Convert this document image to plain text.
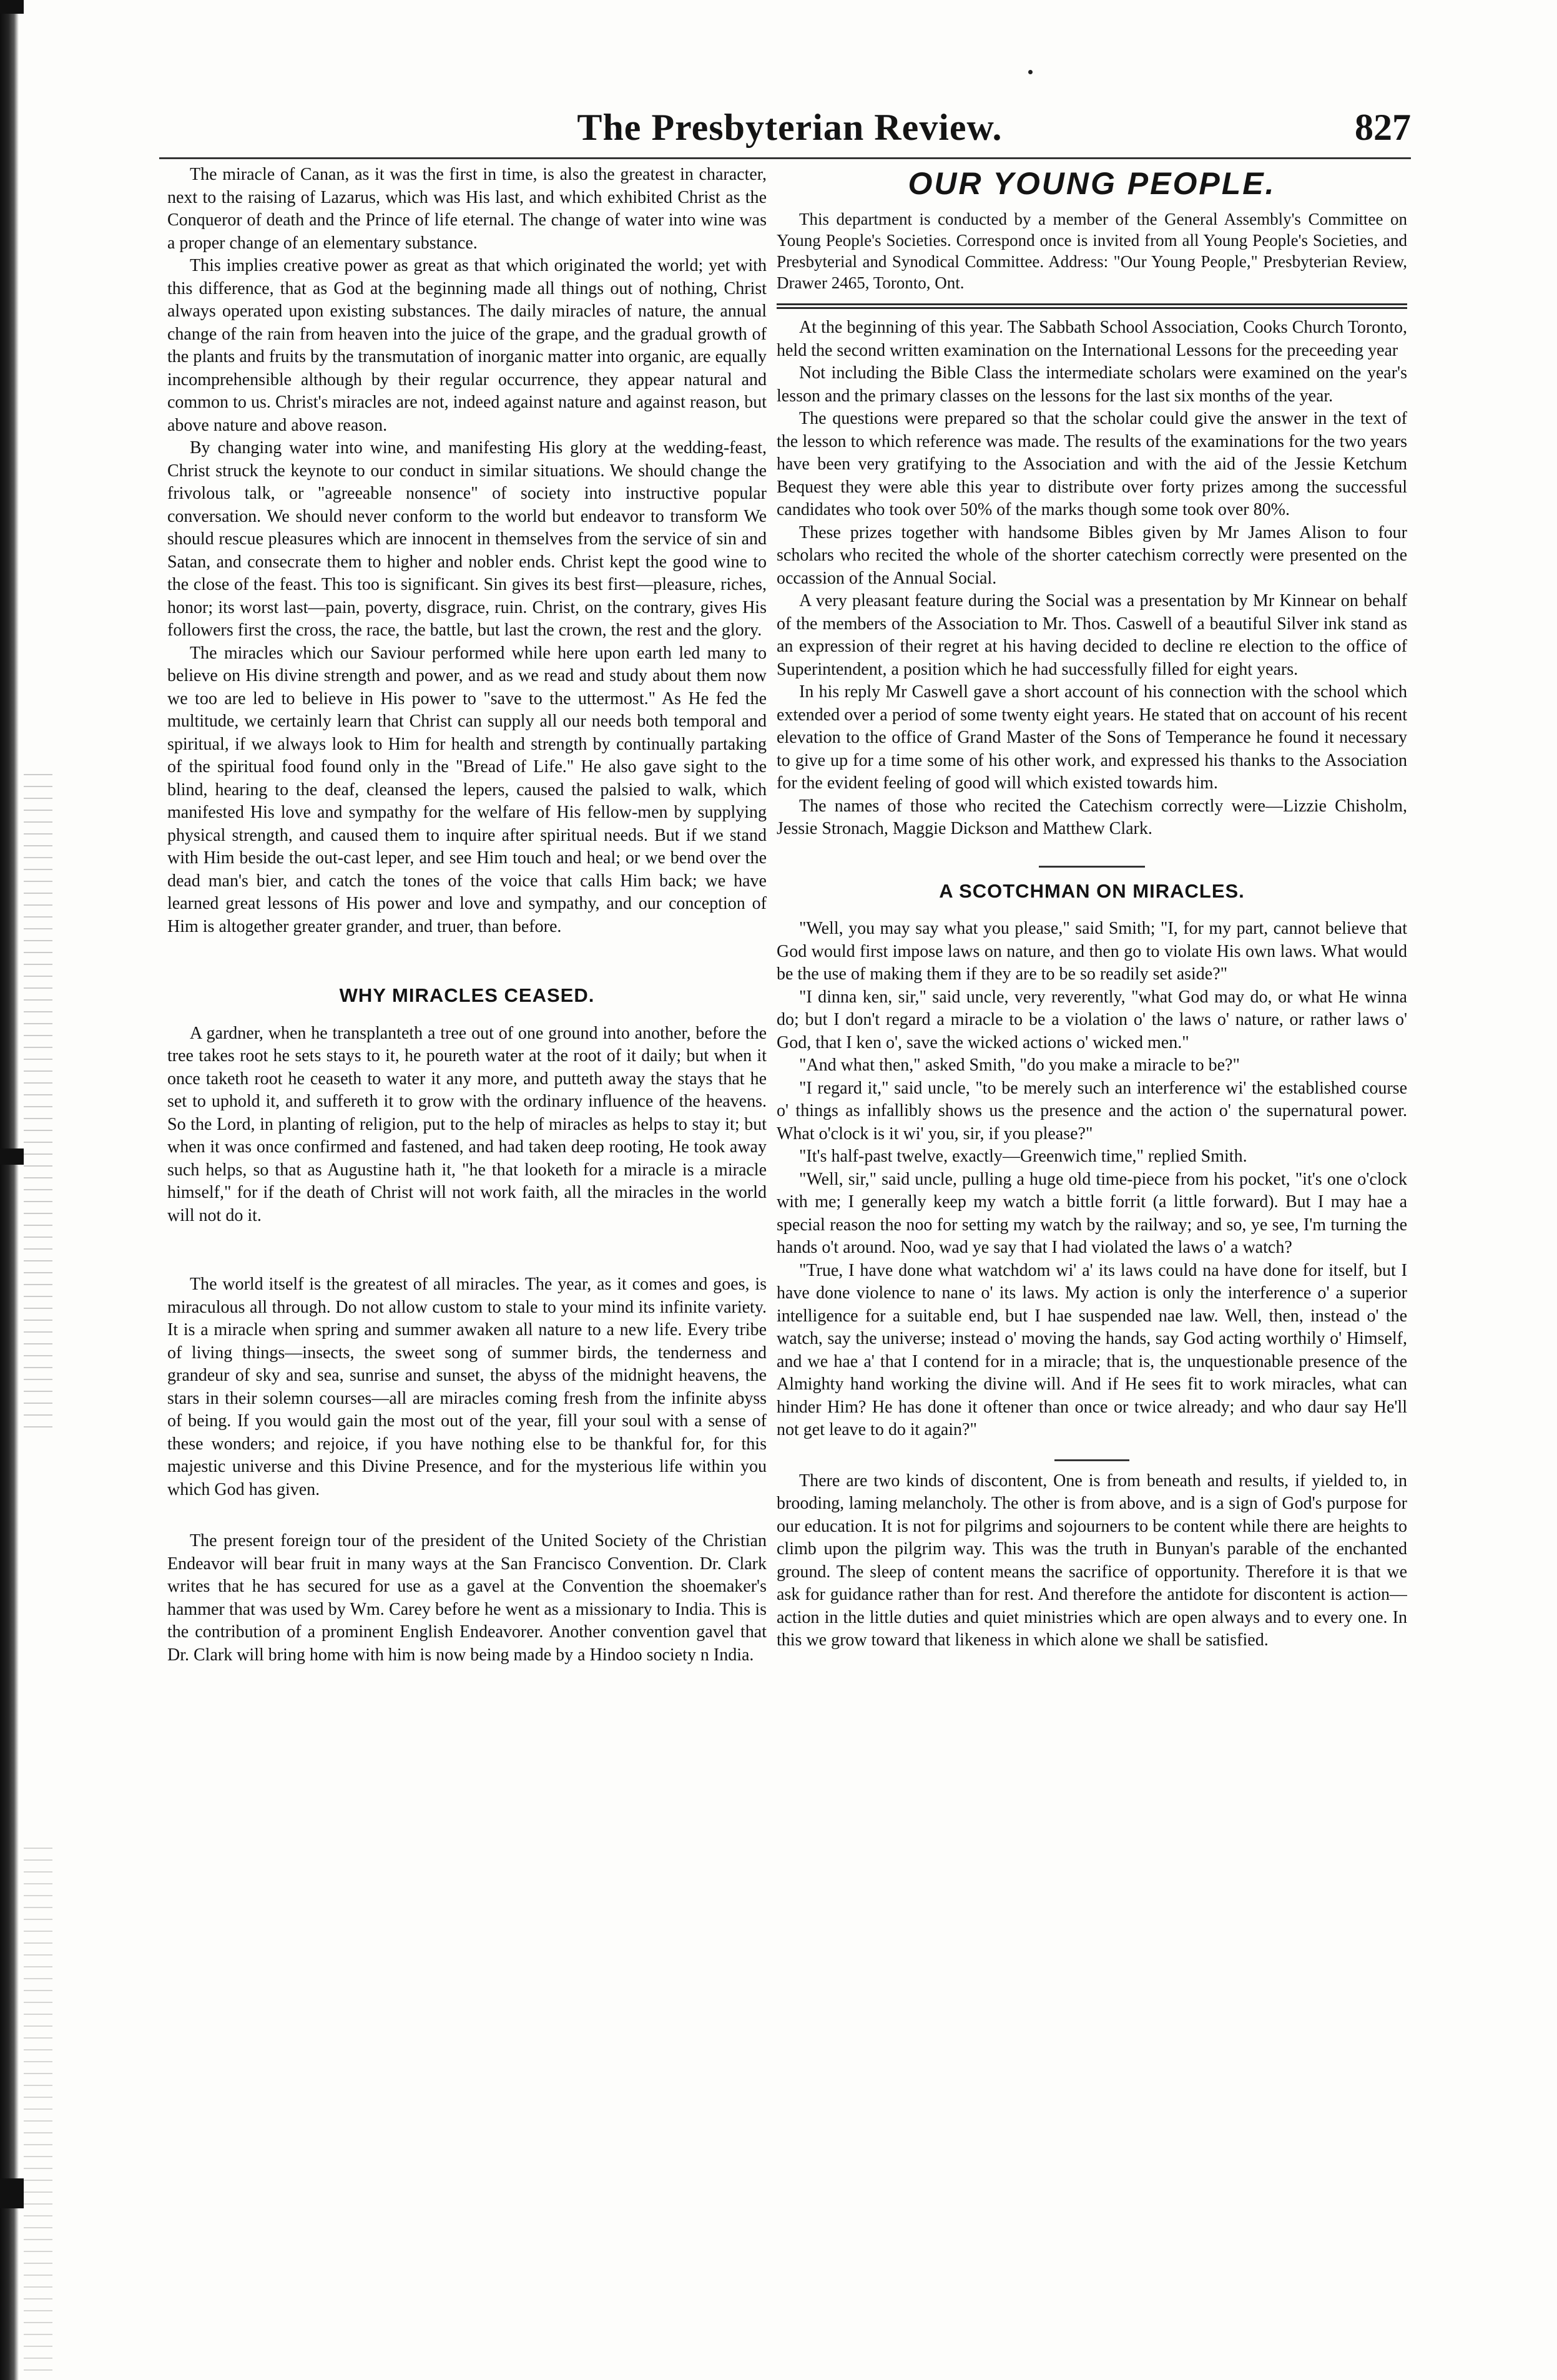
The Presbyterian Review.	827

The miracle of Canan, as it was the first in time, is also the greatest in character, next to the raising of Lazarus, which was His last, and which exhibited Christ as the Conqueror of death and the Prince of life eternal. The change of water into wine was a proper change of an elementary substance.

This implies creative power as great as that which originated the world; yet with this difference, that as God at the beginning made all things out of nothing, Christ always operated upon existing substances. The daily miracles of nature, the annual change of the rain from heaven into the juice of the grape, and the gradual growth of the plants and fruits by the transmutation of inorganic matter into organic, are equally incomprehensible although by their regular occurrence, they appear natural and common to us. Christ's miracles are not, indeed against nature and against reason, but above nature and above reason.

By changing water into wine, and manifesting His glory at the wedding-feast, Christ struck the keynote to our conduct in similar situations. We should change the frivolous talk, or "agreeable nonsence" of society into instructive popular conversation. We should never conform to the world but endeavor to transform We should rescue pleasures which are innocent in themselves from the service of sin and Satan, and consecrate them to higher and nobler ends. Christ kept the good wine to the close of the feast. This too is significant. Sin gives its best first—pleasure, riches, honor; its worst last—pain, poverty, disgrace, ruin. Christ, on the contrary, gives His followers first the cross, the race, the battle, but last the crown, the rest and the glory.

The miracles which our Saviour performed while here upon earth led many to believe on His divine strength and power, and as we read and study about them now we too are led to believe in His power to "save to the uttermost." As He fed the multitude, we certainly learn that Christ can supply all our needs both temporal and spiritual, if we always look to Him for health and strength by continually partaking of the spiritual food found only in the "Bread of Life." He also gave sight to the blind, hearing to the deaf, cleansed the lepers, caused the palsied to walk, which manifested His love and sympathy for the welfare of His fellow-men by supplying physical strength, and caused them to inquire after spiritual needs. But if we stand with Him beside the out-cast leper, and see Him touch and heal; or we bend over the dead man's bier, and catch the tones of the voice that calls Him back; we have learned great lessons of His power and love and sympathy, and our conception of Him is altogether greater grander, and truer, than before.

WHY MIRACLES CEASED.

A gardner, when he transplanteth a tree out of one ground into another, before the tree takes root he sets stays to it, he poureth water at the root of it daily; but when it once taketh root he ceaseth to water it any more, and putteth away the stays that he set to uphold it, and suffereth it to grow with the ordinary influence of the heavens. So the Lord, in planting of religion, put to the help of miracles as helps to stay it; but when it was once confirmed and fastened, and had taken deep rooting, He took away such helps, so that as Augustine hath it, "he that looketh for a miracle is a miracle himself," for if the death of Christ will not work faith, all the miracles in the world will not do it.

The world itself is the greatest of all miracles. The year, as it comes and goes, is miraculous all through. Do not allow custom to stale to your mind its infinite variety. It is a miracle when spring and summer awaken all nature to a new life. Every tribe of living things—insects, the sweet song of summer birds, the tenderness and grandeur of sky and sea, sunrise and sunset, the abyss of the midnight heavens, the stars in their solemn courses—all are miracles coming fresh from the infinite abyss of being. If you would gain the most out of the year, fill your soul with a sense of these wonders; and rejoice, if you have nothing else to be thankful for, for this majestic universe and this Divine Presence, and for the mysterious life within you which God has given.

The present foreign tour of the president of the United Society of the Christian Endeavor will bear fruit in many ways at the San Francisco Convention. Dr. Clark writes that he has secured for use as a gavel at the Convention the shoemaker's hammer that was used by Wm. Carey before he went as a missionary to India. This is the contribution of a prominent English Endeavorer. Another convention gavel that Dr. Clark will bring home with him is now being made by a Hindoo society n India.

OUR YOUNG PEOPLE.

This department is conducted by a member of the General Assembly's Committee on Young People's Societies. Correspond once is invited from all Young People's Societies, and Presbyterial and Synodical Committee. Address: "Our Young People," Presbyterian Review, Drawer 2465, Toronto, Ont.

At the beginning of this year. The Sabbath School Association, Cooks Church Toronto, held the second written examination on the International Lessons for the preceeding year

Not including the Bible Class the intermediate scholars were examined on the year's lesson and the primary classes on the lessons for the last six months of the year.

The questions were prepared so that the scholar could give the answer in the text of the lesson to which reference was made. The results of the examinations for the two years have been very gratifying to the Association and with the aid of the Jessie Ketchum Bequest they were able this year to distribute over forty prizes among the successful candidates who took over 50% of the marks though some took over 80%.

These prizes together with handsome Bibles given by Mr James Alison to four scholars who recited the whole of the shorter catechism correctly were presented on the occassion of the Annual Social.

A very pleasant feature during the Social was a presentation by Mr Kinnear on behalf of the members of the Association to Mr. Thos. Caswell of a beautiful Silver ink stand as an expression of their regret at his having decided to decline re election to the office of Superintendent, a position which he had successfully filled for eight years.

In his reply Mr Caswell gave a short account of his connection with the school which extended over a period of some twenty eight years. He stated that on account of his recent elevation to the office of Grand Master of the Sons of Temperance he found it necessary to give up for a time some of his other work, and expressed his thanks to the Association for the evident feeling of good will which existed towards him.

The names of those who recited the Catechism correctly were—Lizzie Chisholm, Jessie Stronach, Maggie Dickson and Matthew Clark.

A SCOTCHMAN ON MIRACLES.

"Well, you may say what you please," said Smith; "I, for my part, cannot believe that God would first impose laws on nature, and then go to violate His own laws. What would be the use of making them if they are to be so readily set aside?"

"I dinna ken, sir," said uncle, very reverently, "what God may do, or what He winna do; but I don't regard a miracle to be a violation o' the laws o' nature, or rather laws o' God, that I ken o', save the wicked actions o' wicked men."

"And what then," asked Smith, "do you make a miracle to be?"

"I regard it," said uncle, "to be merely such an interference wi' the established course o' things as infallibly shows us the presence and the action o' the supernatural power. What o'clock is it wi' you, sir, if you please?"

"It's half-past twelve, exactly—Greenwich time," replied Smith.

"Well, sir," said uncle, pulling a huge old time-piece from his pocket, "it's one o'clock with me; I generally keep my watch a bittle forrit (a little forward). But I may hae a special reason the noo for setting my watch by the railway; and so, ye see, I'm turning the hands o't around. Noo, wad ye say that I had violated the laws o' a watch?

"True, I have done what watchdom wi' a' its laws could na have done for itself, but I have done violence to nane o' its laws. My action is only the interference o' a superior intelligence for a suitable end, but I hae suspended nae law. Well, then, instead o' the watch, say the universe; instead o' moving the hands, say God acting worthily o' Himself, and we hae a' that I contend for in a miracle; that is, the unquestionable presence of the Almighty hand working the divine will. And if He sees fit to work miracles, what can hinder Him? He has done it oftener than once or twice already; and who daur say He'll not get leave to do it again?"

There are two kinds of discontent, One is from beneath and results, if yielded to, in brooding, laming melancholy. The other is from above, and is a sign of God's purpose for our education. It is not for pilgrims and sojourners to be content while there are heights to climb upon the pilgrim way. This was the truth in Bunyan's parable of the enchanted ground. The sleep of content means the sacrifice of opportunity. Therefore it is that we ask for guidance rather than for rest. And therefore the antidote for discontent is action—action in the little duties and quiet ministries which are open always and to every one. In this we grow toward that likeness in which alone we shall be satisfied.
